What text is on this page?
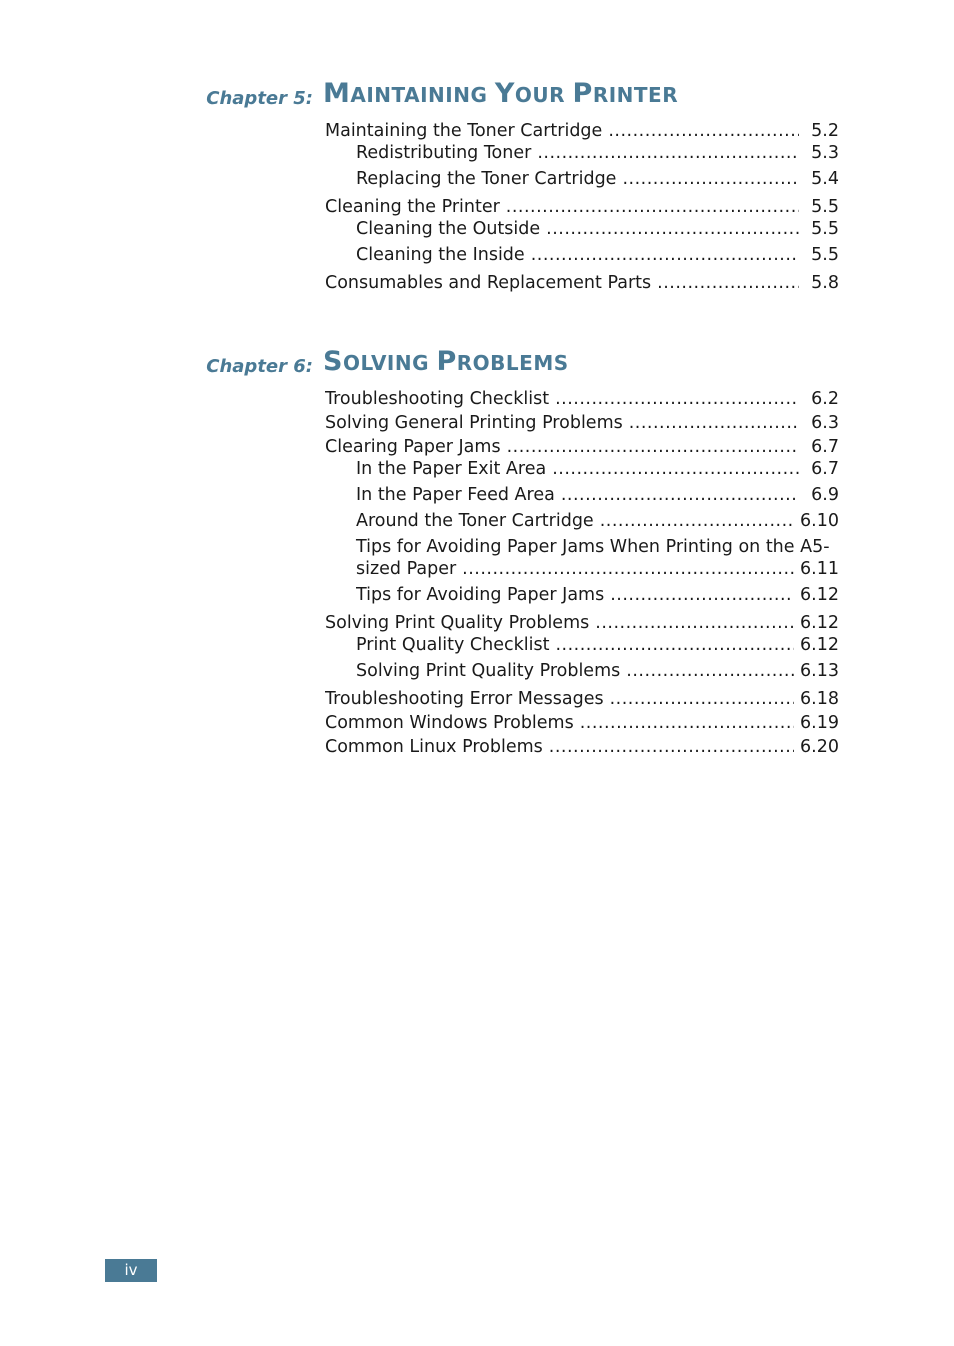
Chapter 5: MAINTAINING YOUR PRINTER
Maintaining the Toner Cartridge .....	5.2
Redistributing Toner .....	5.3
Replacing the Toner Cartridge .....	5.4
Cleaning the Printer .....	5.5
Cleaning the Outside .....	5.5
Cleaning the Inside .....	5.5
Consumables and Replacement Parts .....	5.8
Chapter 6: SOLVING PROBLEMS
Troubleshooting Checklist .....	6.2
Solving General Printing Problems .....	6.3
Clearing Paper Jams .....	6.7
In the Paper Exit Area .....	6.7
In the Paper Feed Area .....	6.9
Around the Toner Cartridge .....	6.10
Tips for Avoiding Paper Jams When Printing on the A5-
sized Paper .....	6.11
Tips for Avoiding Paper Jams .....	6.12
Solving Print Quality Problems .....	6.12
Print Quality Checklist .....	6.12
Solving Print Quality Problems .....	6.13
Troubleshooting Error Messages .....	6.18
Common Windows Problems .....	6.19
Common Linux Problems .....	6.20
iv
